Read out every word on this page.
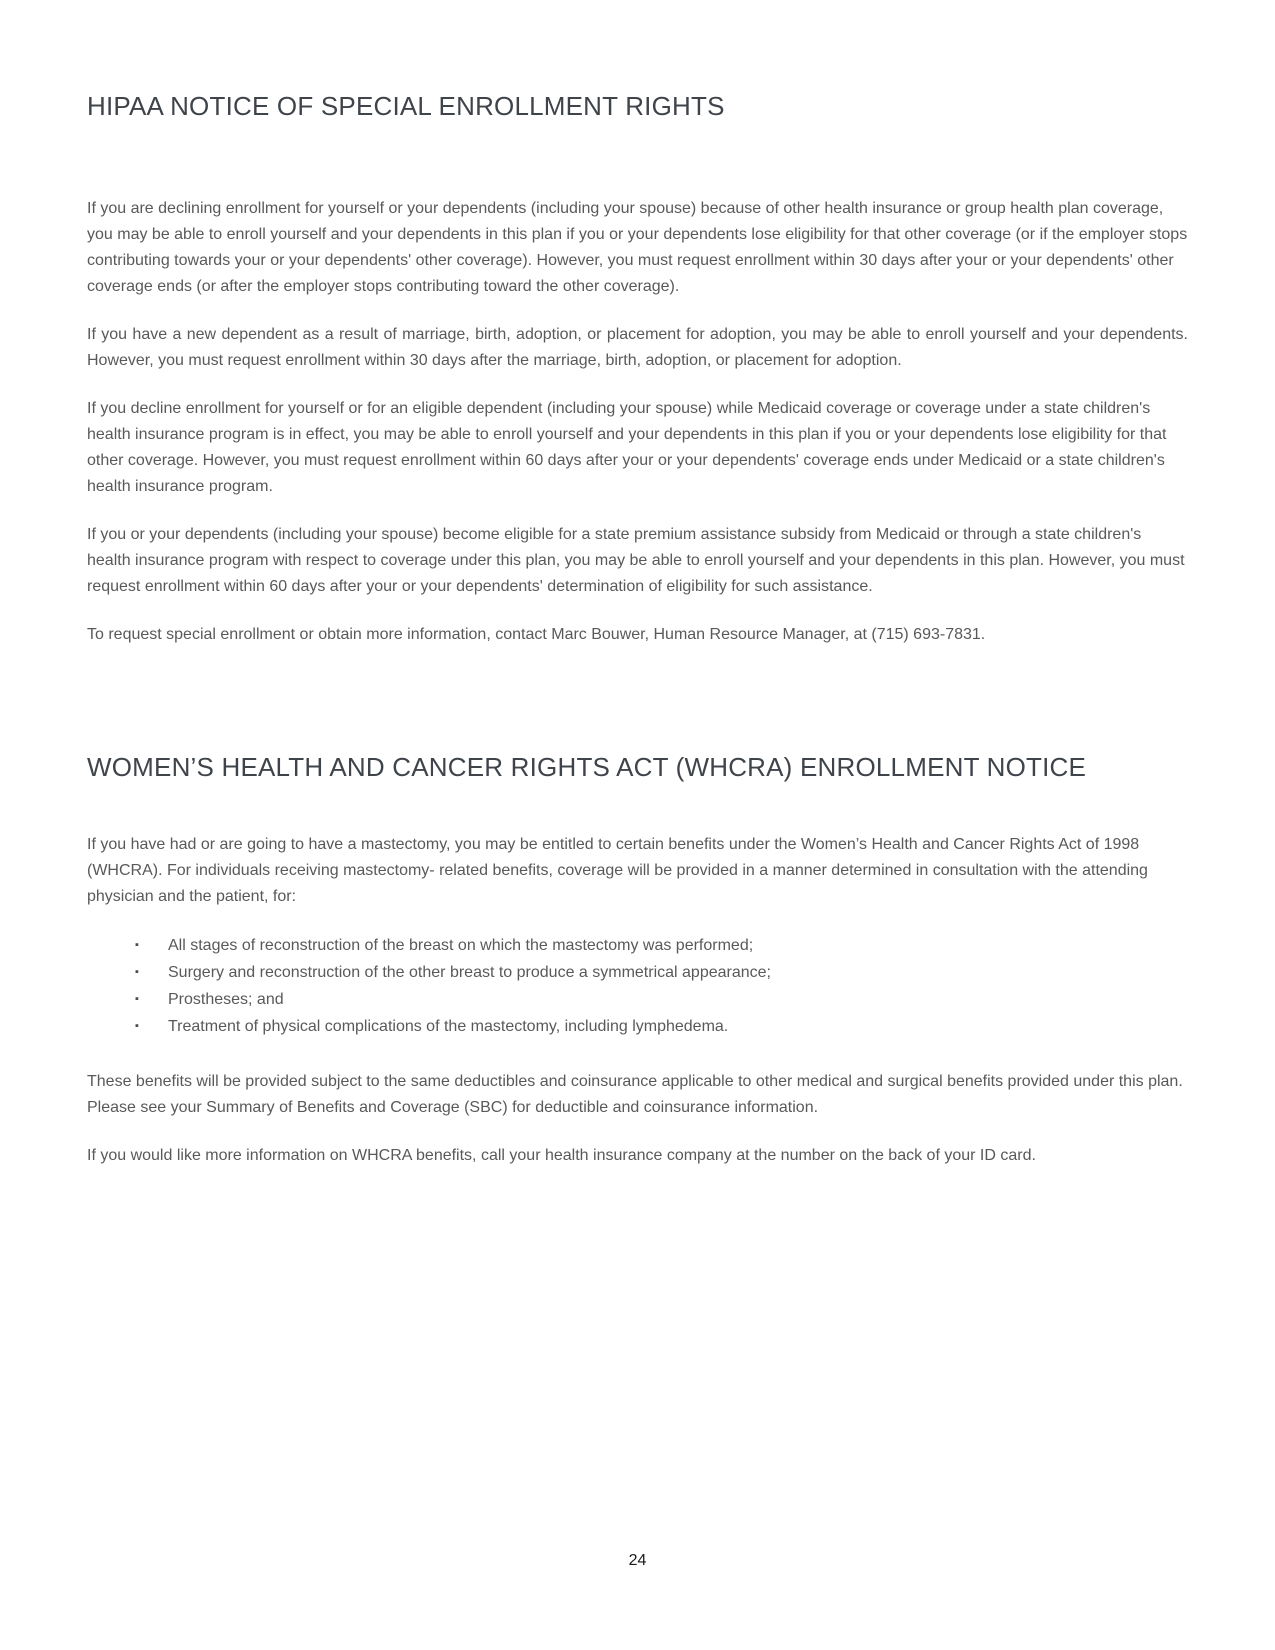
HIPAA NOTICE OF SPECIAL ENROLLMENT RIGHTS

If you are declining enrollment for yourself or your dependents (including your spouse) because of other health insurance or group health plan coverage, you may be able to enroll yourself and your dependents in this plan if you or your dependents lose eligibility for that other coverage (or if the employer stops contributing towards your or your dependents' other coverage). However, you must request enrollment within 30 days after your or your dependents' other coverage ends (or after the employer stops contributing toward the other coverage).

If you have a new dependent as a result of marriage, birth, adoption, or placement for adoption, you may be able to enroll yourself and your dependents. However, you must request enrollment within 30 days after the marriage, birth, adoption, or placement for adoption.

If you decline enrollment for yourself or for an eligible dependent (including your spouse) while Medicaid coverage or coverage under a state children's health insurance program is in effect, you may be able to enroll yourself and your dependents in this plan if you or your dependents lose eligibility for that other coverage. However, you must request enrollment within 60 days after your or your dependents' coverage ends under Medicaid or a state children's health insurance program.

If you or your dependents (including your spouse) become eligible for a state premium assistance subsidy from Medicaid or through a state children's health insurance program with respect to coverage under this plan, you may be able to enroll yourself and your dependents in this plan. However, you must request enrollment within 60 days after your or your dependents' determination of eligibility for such assistance.

To request special enrollment or obtain more information, contact Marc Bouwer, Human Resource Manager, at (715) 693-7831.

WOMEN’S HEALTH AND CANCER RIGHTS ACT (WHCRA) ENROLLMENT NOTICE

If you have had or are going to have a mastectomy, you may be entitled to certain benefits under the Women’s Health and Cancer Rights Act of 1998 (WHCRA). For individuals receiving mastectomy- related benefits, coverage will be provided in a manner determined in consultation with the attending physician and the patient, for:

▪	All stages of reconstruction of the breast on which the mastectomy was performed;
▪	Surgery and reconstruction of the other breast to produce a symmetrical appearance;
▪	Prostheses; and
▪	Treatment of physical complications of the mastectomy, including lymphedema.

These benefits will be provided subject to the same deductibles and coinsurance applicable to other medical and surgical benefits provided under this plan. Please see your Summary of Benefits and Coverage (SBC) for deductible and coinsurance information.

If you would like more information on WHCRA benefits, call your health insurance company at the number on the back of your ID card.

24
